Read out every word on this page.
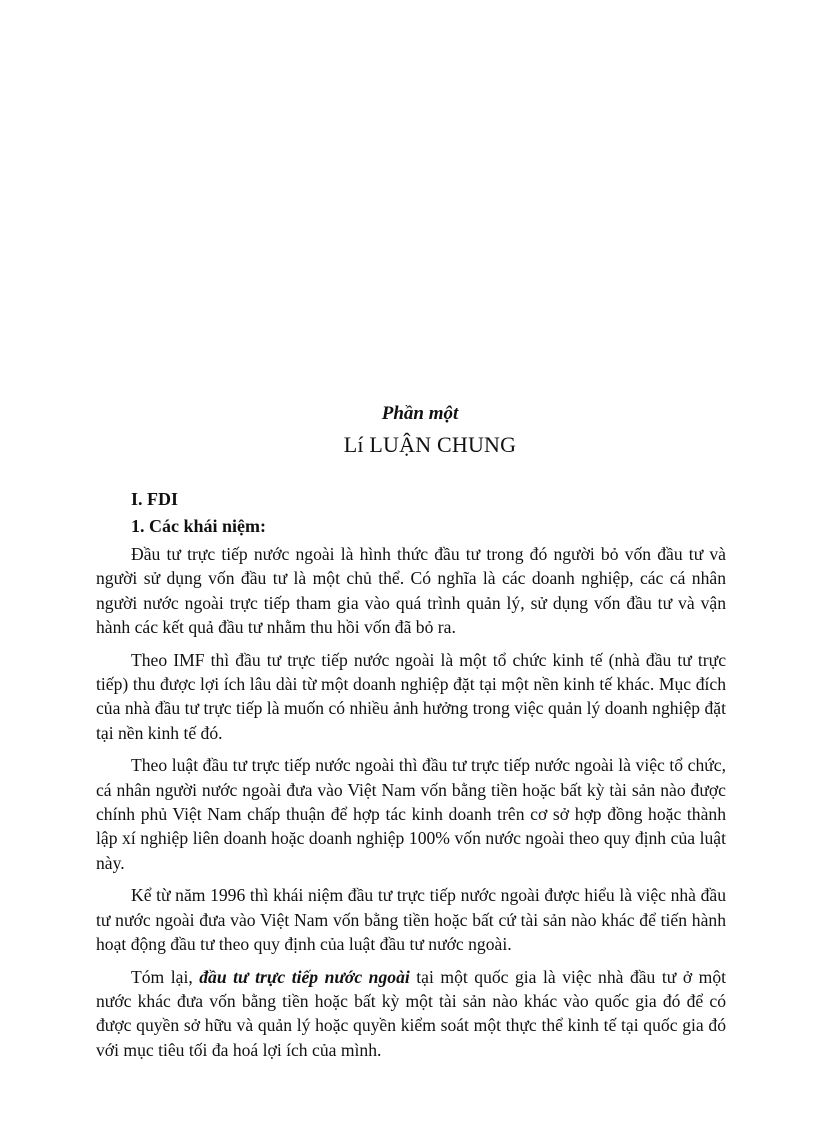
Phần một
Lí LUẬN CHUNG
I. FDI
1. Các khái niệm:

Đầu tư trực tiếp nước ngoài là hình thức đầu tư trong đó người bỏ vốn đầu tư và người sử dụng vốn đầu tư là một chủ thể. Có nghĩa là các doanh nghiệp, các cá nhân người nước ngoài trực tiếp tham gia vào quá trình quản lý, sử dụng vốn đầu tư và vận hành các kết quả đầu tư nhằm thu hồi vốn đã bỏ ra.

Theo IMF thì đầu tư trực tiếp nước ngoài là một tổ chức kinh tế (nhà đầu tư trực tiếp) thu được lợi ích lâu dài từ một doanh nghiệp đặt tại một nền kinh tế khác. Mục đích của nhà đầu tư trực tiếp là muốn có nhiều ảnh hưởng trong việc quản lý doanh nghiệp đặt tại nền kinh tế đó.

Theo luật đầu tư trực tiếp nước ngoài thì đầu tư trực tiếp nước ngoài là việc tổ chức, cá nhân người nước ngoài đưa vào Việt Nam vốn bằng tiền hoặc bất kỳ tài sản nào được chính phủ Việt Nam chấp thuận để hợp tác kinh doanh trên cơ sở hợp đồng hoặc thành lập xí nghiệp liên doanh hoặc doanh nghiệp 100% vốn nước ngoài theo quy định của luật này.

Kể từ năm 1996 thì khái niệm đầu tư trực tiếp nước ngoài được hiểu là việc nhà đầu tư nước ngoài đưa vào Việt Nam vốn bằng tiền hoặc bất cứ tài sản nào khác để tiến hành hoạt động đầu tư theo quy định của luật đầu tư nước ngoài.

Tóm lại, đầu tư trực tiếp nước ngoài tại một quốc gia là việc nhà đầu tư ở một nước khác đưa vốn bằng tiền hoặc bất kỳ một tài sản nào khác vào quốc gia đó để có được quyền sở hữu và quản lý hoặc quyền kiểm soát một thực thể kinh tế tại quốc gia đó với mục tiêu tối đa hoá lợi ích của mình.
